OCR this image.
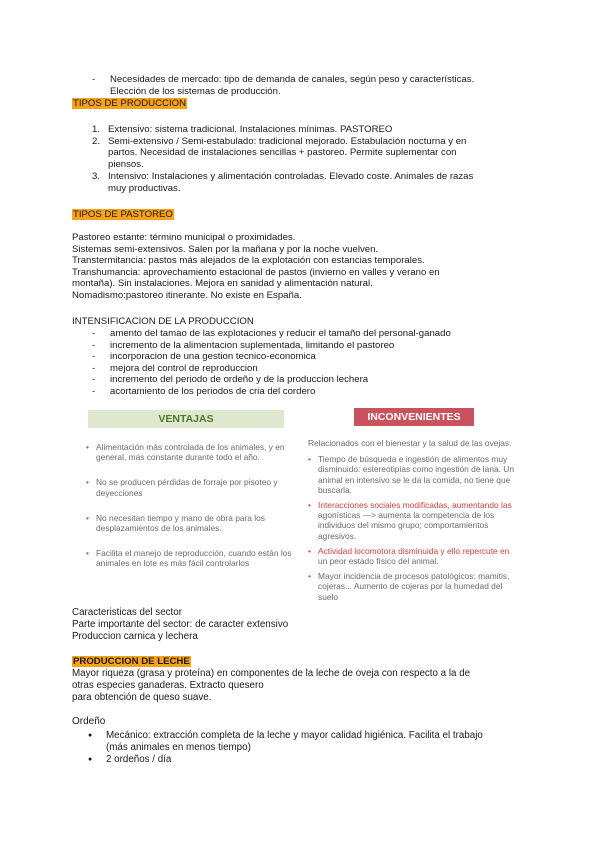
- Necesidades de mercado: tipo de demanda de canales, según peso y características.
Elección de los sistemas de producción.
TIPOS DE PRODUCCION
1. Extensivo: sistema tradicional. Instalaciones mínimas. PASTOREO
2. Semi-extensivo / Semi-estabulado: tradicional mejorado. Estabulación nocturna y en
partos. Necesidad de instalaciones sencillas + pastoreo. Permite suplementar con
piensos.
3. Intensivo: Instalaciones y alimentación controladas. Elevado coste. Animales de razas
muy productivas.
TIPOS DE PASTOREO
Pastoreo estante: término municipal o proximidades.
Sistemas semi-extensivos. Salen por la mañana y por la noche vuelven.
Transtermitancia: pastos más alejados de la explotación con estancias temporales.
Transhumancia: aprovechamiento estacional de pastos (invierno en valles y verano en
montaña). Sin instalaciones. Mejora en sanidad y alimentación natural.
Nomadismo:pastoreo itinerante. No existe en España.
INTENSIFICACION DE LA PRODUCCION
- amento del tamao de las explotaciones y reducir el tamaño del personal-ganado
- incremento de la alimentacion suplementada, limitando el pastoreo
- incorporacion de una gestion tecnico-economica
- mejora del control de reproduccion
- incremento del periodo de ordeño y de la produccion lechera
- acortamiento de los periodos de cria del cordero
VENTAJAS	INCONVENIENTES
• Alimentación más controlada de los animales, y en
general, más constante durante todo el año.
• No se producen pérdidas de forraje por pisoteo y
deyecciones
• No necesitan tiempo y mano de obra para los
desplazamientos de los animales.
• Facilita el manejo de reproducción, cuando están los
animales en lote es más fácil controlarlos
Relacionados con el bienestar y la salud de las ovejas.
• Tiempo de búsqueda e ingestión de alimentos muy
disminuido: estereotipias como ingestión de lana. Un
animal en intensivo se le da la comida, no tiene que
buscarla.
• Interacciones sociales modificadas, aumentando las
agonísticas —> aumenta la competencia de los
individuos del mismo grupo; comportamientos
agresivos.
• Actividad locomotora disminuida y ello repercute en
un peor estado físico del animal.
• Mayor incidencia de procesos patológicos: mamitis,
cojeras... Aumento de cojeras por la humedad del
suelo
Caracteristicas del sector
Parte importante del sector: de caracter extensivo
Produccion carnica y lechera
PRODUCCION DE LECHE
Mayor riqueza (grasa y proteína) en componentes de la leche de oveja con respecto a la de
otras especies ganaderas. Extracto quesero
para obtención de queso suave.
Ordeño
● Mecánico: extracción completa de la leche y mayor calidad higiénica. Facilita el trabajo
(más animales en menos tiempo)
● 2 ordeños / día
